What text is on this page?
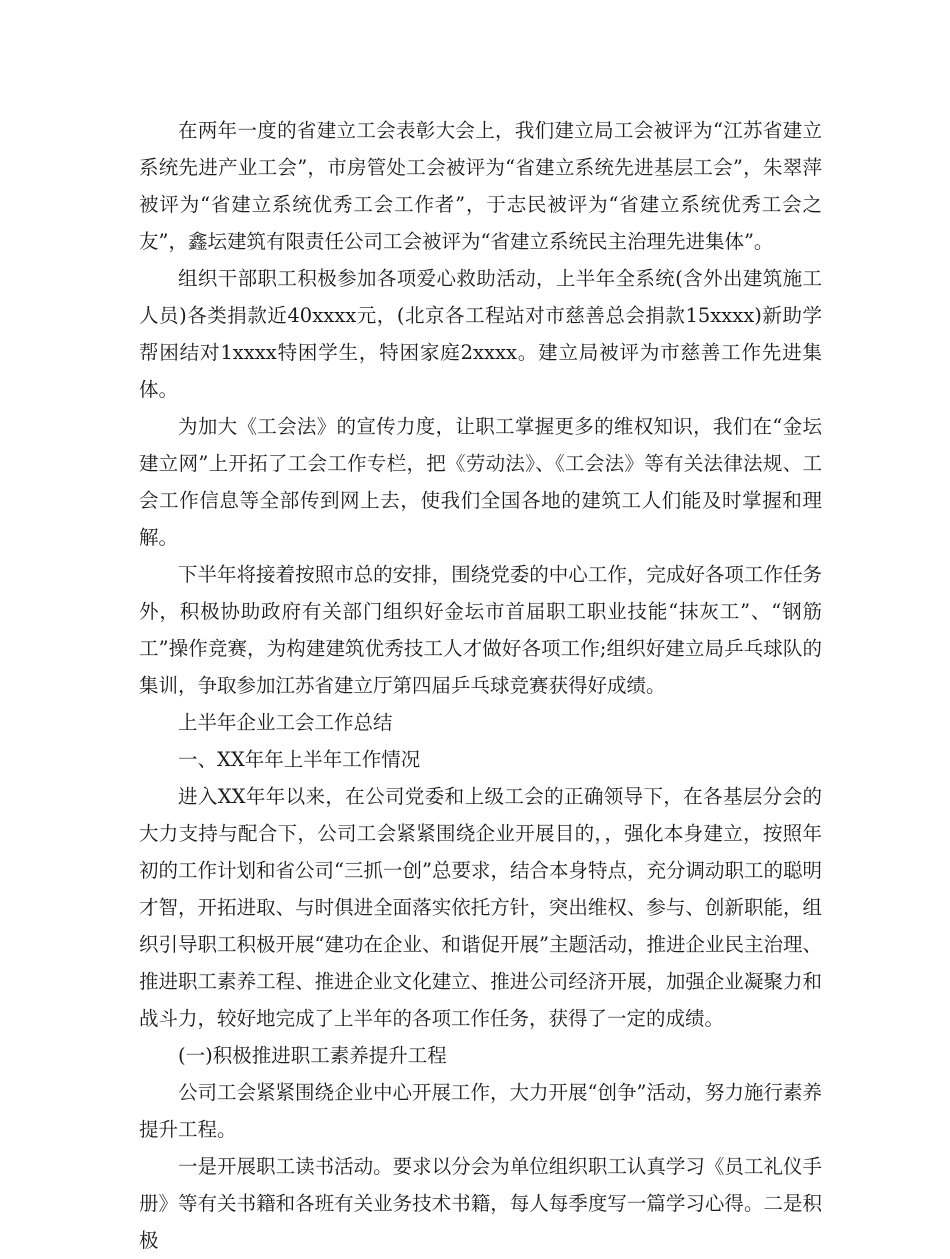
在两年一度的省建立工会表彰大会上，我们建立局工会被评为“江苏省建立系统先进产业工会”，市房管处工会被评为“省建立系统先进基层工会”，朱翠萍被评为“省建立系统优秀工会工作者”，于志民被评为“省建立系统优秀工会之友”，鑫坛建筑有限责任公司工会被评为“省建立系统民主治理先进集体”。

组织干部职工积极参加各项爱心救助活动，上半年全系统(含外出建筑施工人员)各类捐款近40xxxx元，(北京各工程站对市慈善总会捐款15xxxx)新助学帮困结对1xxxx特困学生，特困家庭2xxxx。建立局被评为市慈善工作先进集体。

为加大《工会法》的宣传力度，让职工掌握更多的维权知识，我们在“金坛建立网”上开拓了工会工作专栏，把《劳动法》、《工会法》等有关法律法规、工会工作信息等全部传到网上去，使我们全国各地的建筑工人们能及时掌握和理解。

下半年将接着按照市总的安排，围绕党委的中心工作，完成好各项工作任务外，积极协助政府有关部门组织好金坛市首届职工职业技能“抹灰工”、“钢筋工”操作竞赛，为构建建筑优秀技工人才做好各项工作;组织好建立局乒乓球队的集训，争取参加江苏省建立厅第四届乒乓球竞赛获得好成绩。

上半年企业工会工作总结

一、XX年年上半年工作情况

进入XX年年以来，在公司党委和上级工会的正确领导下，在各基层分会的大力支持与配合下，公司工会紧紧围绕企业开展目的，，强化本身建立，按照年初的工作计划和省公司“三抓一创”总要求，结合本身特点，充分调动职工的聪明才智，开拓进取、与时俱进全面落实依托方针，突出维权、参与、创新职能，组织引导职工积极开展“建功在企业、和谐促开展”主题活动，推进企业民主治理、推进职工素养工程、推进企业文化建立、推进公司经济开展，加强企业凝聚力和战斗力，较好地完成了上半年的各项工作任务，获得了一定的成绩。

(一)积极推进职工素养提升工程

公司工会紧紧围绕企业中心开展工作，大力开展“创争”活动，努力施行素养提升工程。

一是开展职工读书活动。要求以分会为单位组织职工认真学习《员工礼仪手册》等有关书籍和各班有关业务技术书籍，每人每季度写一篇学习心得。二是积极
